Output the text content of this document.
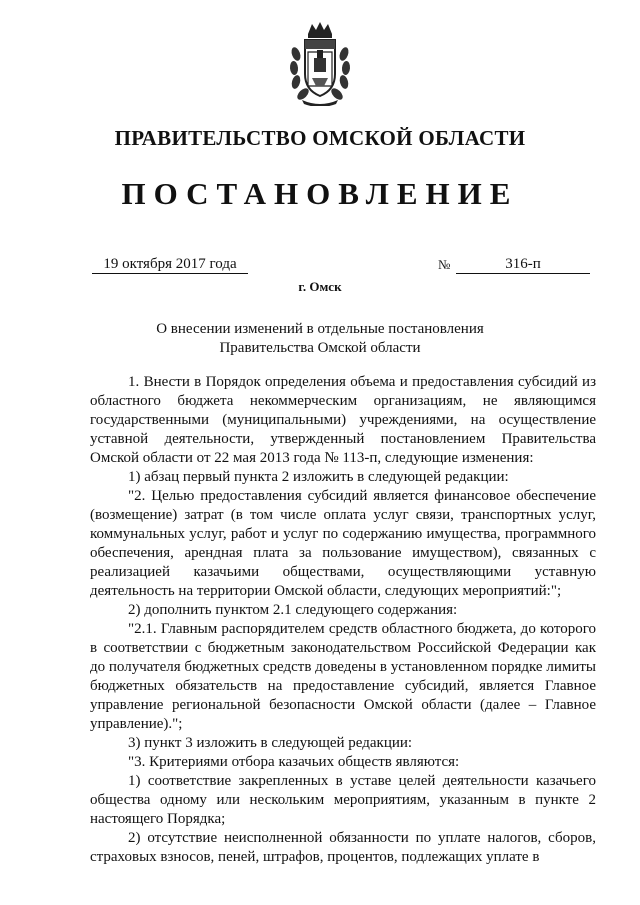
ПРАВИТЕЛЬСТВО ОМСКОЙ ОБЛАСТИ
ПОСТАНОВЛЕНИЕ
19 октября 2017 года	№	316-п
г. Омск
О внесении изменений в отдельные постановления
Правительства Омской области

1. Внести в Порядок определения объема и предоставления субсидий из областного бюджета некоммерческим организациям, не являющимся государственными (муниципальными) учреждениями, на осуществление уставной деятельности, утвержденный постановлением Правительства Омской области от 22 мая 2013 года № 113-п, следующие изменения:

1) абзац первый пункта 2 изложить в следующей редакции:

"2. Целью предоставления субсидий является финансовое обеспечение (возмещение) затрат (в том числе оплата услуг связи, транспортных услуг, коммунальных услуг, работ и услуг по содержанию имущества, программного обеспечения, арендная плата за пользование имуществом), связанных с реализацией казачьими обществами, осуществляющими уставную деятельность на территории Омской области, следующих мероприятий:";

2) дополнить пунктом 2.1 следующего содержания:

"2.1. Главным распорядителем средств областного бюджета, до которого в соответствии с бюджетным законодательством Российской Федерации как до получателя бюджетных средств доведены в установленном порядке лимиты бюджетных обязательств на предоставление субсидий, является Главное управление региональной безопасности Омской области (далее – Главное управление).";

3) пункт 3 изложить в следующей редакции:

"3. Критериями отбора казачьих обществ являются:

1) соответствие закрепленных в уставе целей деятельности казачьего общества одному или нескольким мероприятиям, указанным в пункте 2 настоящего Порядка;

2) отсутствие неисполненной обязанности по уплате налогов, сборов, страховых взносов, пеней, штрафов, процентов, подлежащих уплате в
